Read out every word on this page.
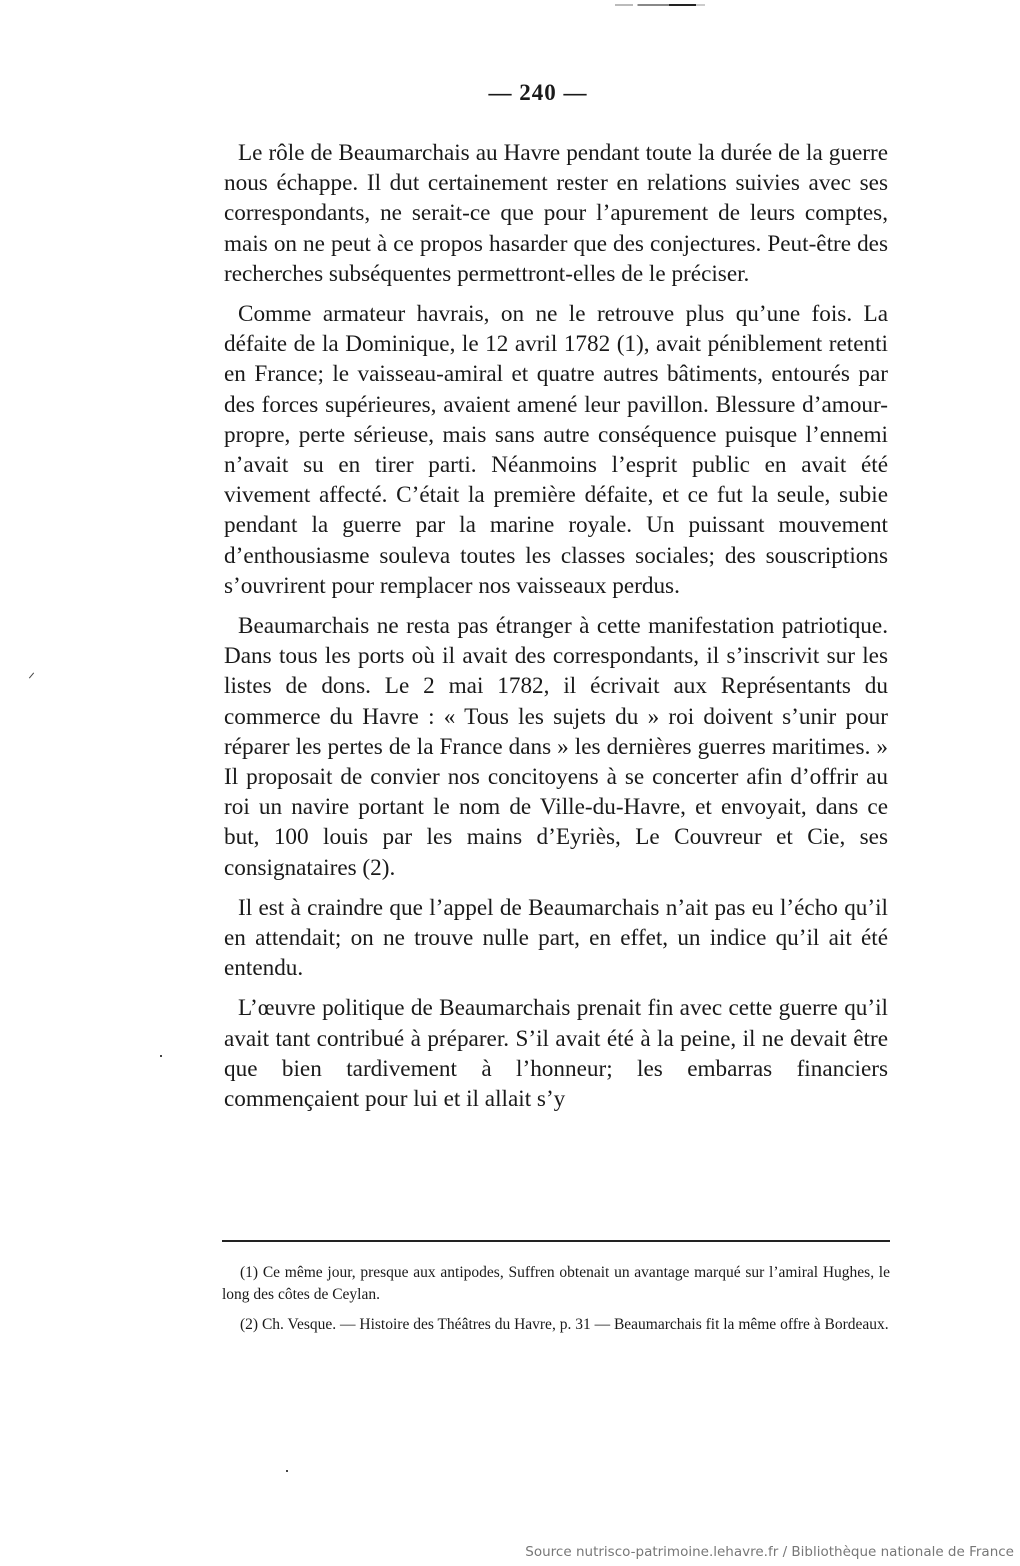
— 240 —

Le rôle de Beaumarchais au Havre pendant toute la durée de la guerre nous échappe. Il dut certainement rester en relations suivies avec ses correspondants, ne serait-ce que pour l’apurement de leurs comptes, mais on ne peut à ce propos hasarder que des conjectures. Peut-être des recherches subséquentes permettront-elles de le préciser.

Comme armateur havrais, on ne le retrouve plus qu’une fois. La défaite de la Dominique, le 12 avril 1782 (1), avait péniblement retenti en France; le vaisseau-amiral et quatre autres bâtiments, entourés par des forces supérieures, avaient amené leur pavillon. Blessure d’amour-propre, perte sérieuse, mais sans autre conséquence puisque l’ennemi n’avait su en tirer parti. Néanmoins l’esprit public en avait été vivement affecté. C’était la première défaite, et ce fut la seule, subie pendant la guerre par la marine royale. Un puissant mouvement d’enthousiasme souleva toutes les classes sociales; des souscriptions s’ouvrirent pour remplacer nos vaisseaux perdus.

Beaumarchais ne resta pas étranger à cette manifestation patriotique. Dans tous les ports où il avait des correspondants, il s’inscrivit sur les listes de dons. Le 2 mai 1782, il écrivait aux Représentants du commerce du Havre : « Tous les sujets du » roi doivent s’unir pour réparer les pertes de la France dans » les dernières guerres maritimes. » Il proposait de convier nos concitoyens à se concerter afin d’offrir au roi un navire portant le nom de Ville-du-Havre, et envoyait, dans ce but, 100 louis par les mains d’Eyriès, Le Couvreur et Cie, ses consignataires (2).

Il est à craindre que l’appel de Beaumarchais n’ait pas eu l’écho qu’il en attendait; on ne trouve nulle part, en effet, un indice qu’il ait été entendu.

L’œuvre politique de Beaumarchais prenait fin avec cette guerre qu’il avait tant contribué à préparer. S’il avait été à la peine, il ne devait être que bien tardivement à l’honneur; les embarras financiers commençaient pour lui et il allait s’y

(1) Ce même jour, presque aux antipodes, Suffren obtenait un avantage marqué sur l’amiral Hughes, le long des côtes de Ceylan.

(2) Ch. Vesque. — Histoire des Théâtres du Havre, p. 31 — Beaumarchais fit la même offre à Bordeaux.

Source nutrisco-patrimoine.lehavre.fr / Bibliothèque nationale de France
